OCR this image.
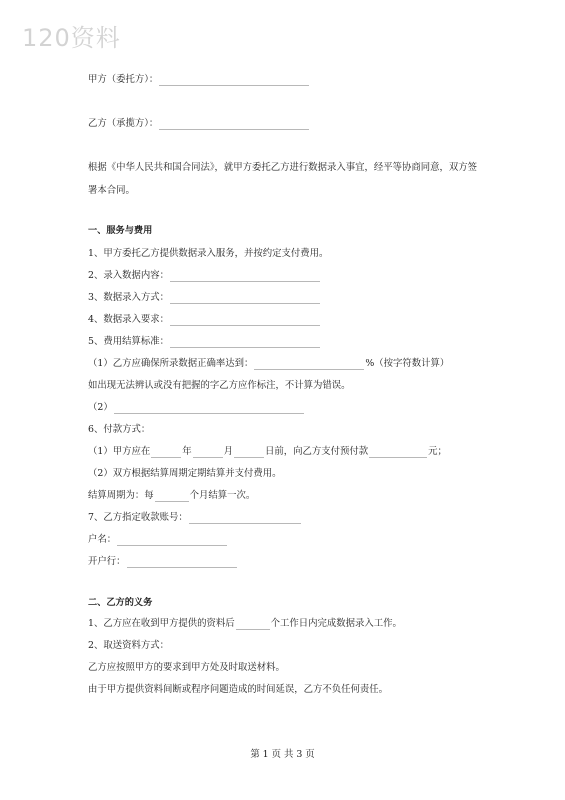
120资料
甲方（委托方）：
乙方（承揽方）：
根据《中华人民共和国合同法》，就甲方委托乙方进行数据录入事宜，经平等协商同意，双方签署本合同。
一、服务与费用
1、甲方委托乙方提供数据录入服务，并按约定支付费用。
2、录入数据内容：
3、数据录入方式：
4、数据录入要求：
5、费用结算标准：
（1）乙方应确保所录数据正确率达到：	%（按字符数计算）
如出现无法辨认或没有把握的字乙方应作标注，不计算为错误。
（2）
6、付款方式：
（1）甲方应在	年	月	日前，向乙方支付预付款	元；
（2）双方根据结算周期定期结算并支付费用。
结算周期为：每	个月结算一次。
7、乙方指定收款账号：
户名：
开户行：
二、乙方的义务
1、乙方应在收到甲方提供的资料后	个工作日内完成数据录入工作。
2、取送资料方式：
乙方应按照甲方的要求到甲方处及时取送材料。
由于甲方提供资料间断或程序问题造成的时间延误，乙方不负任何责任。
第 1 页 共 3 页
